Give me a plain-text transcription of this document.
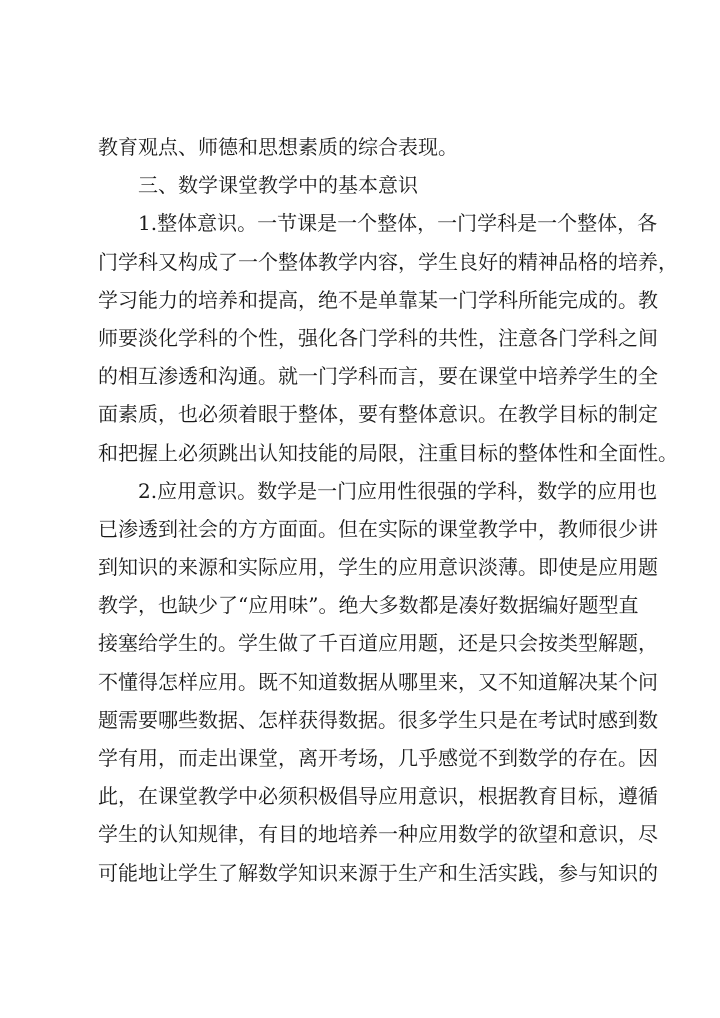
教育观点、师德和思想素质的综合表现。
三、数学课堂教学中的基本意识
1.整体意识。一节课是一个整体，一门学科是一个整体，各
门学科又构成了一个整体教学内容，学生良好的精神品格的培养，
学习能力的培养和提高，绝不是单靠某一门学科所能完成的。教
师要淡化学科的个性，强化各门学科的共性，注意各门学科之间
的相互渗透和沟通。就一门学科而言，要在课堂中培养学生的全
面素质，也必须着眼于整体，要有整体意识。在教学目标的制定
和把握上必须跳出认知技能的局限，注重目标的整体性和全面性。
2.应用意识。数学是一门应用性很强的学科，数学的应用也
已渗透到社会的方方面面。但在实际的课堂教学中，教师很少讲
到知识的来源和实际应用，学生的应用意识淡薄。即使是应用题
教学，也缺少了“应用味”。绝大多数都是凑好数据编好题型直
接塞给学生的。学生做了千百道应用题，还是只会按类型解题，
不懂得怎样应用。既不知道数据从哪里来，又不知道解决某个问
题需要哪些数据、怎样获得数据。很多学生只是在考试时感到数
学有用，而走出课堂，离开考场，几乎感觉不到数学的存在。因
此，在课堂教学中必须积极倡导应用意识，根据教育目标，遵循
学生的认知规律，有目的地培养一种应用数学的欲望和意识，尽
可能地让学生了解数学知识来源于生产和生活实践，参与知识的
